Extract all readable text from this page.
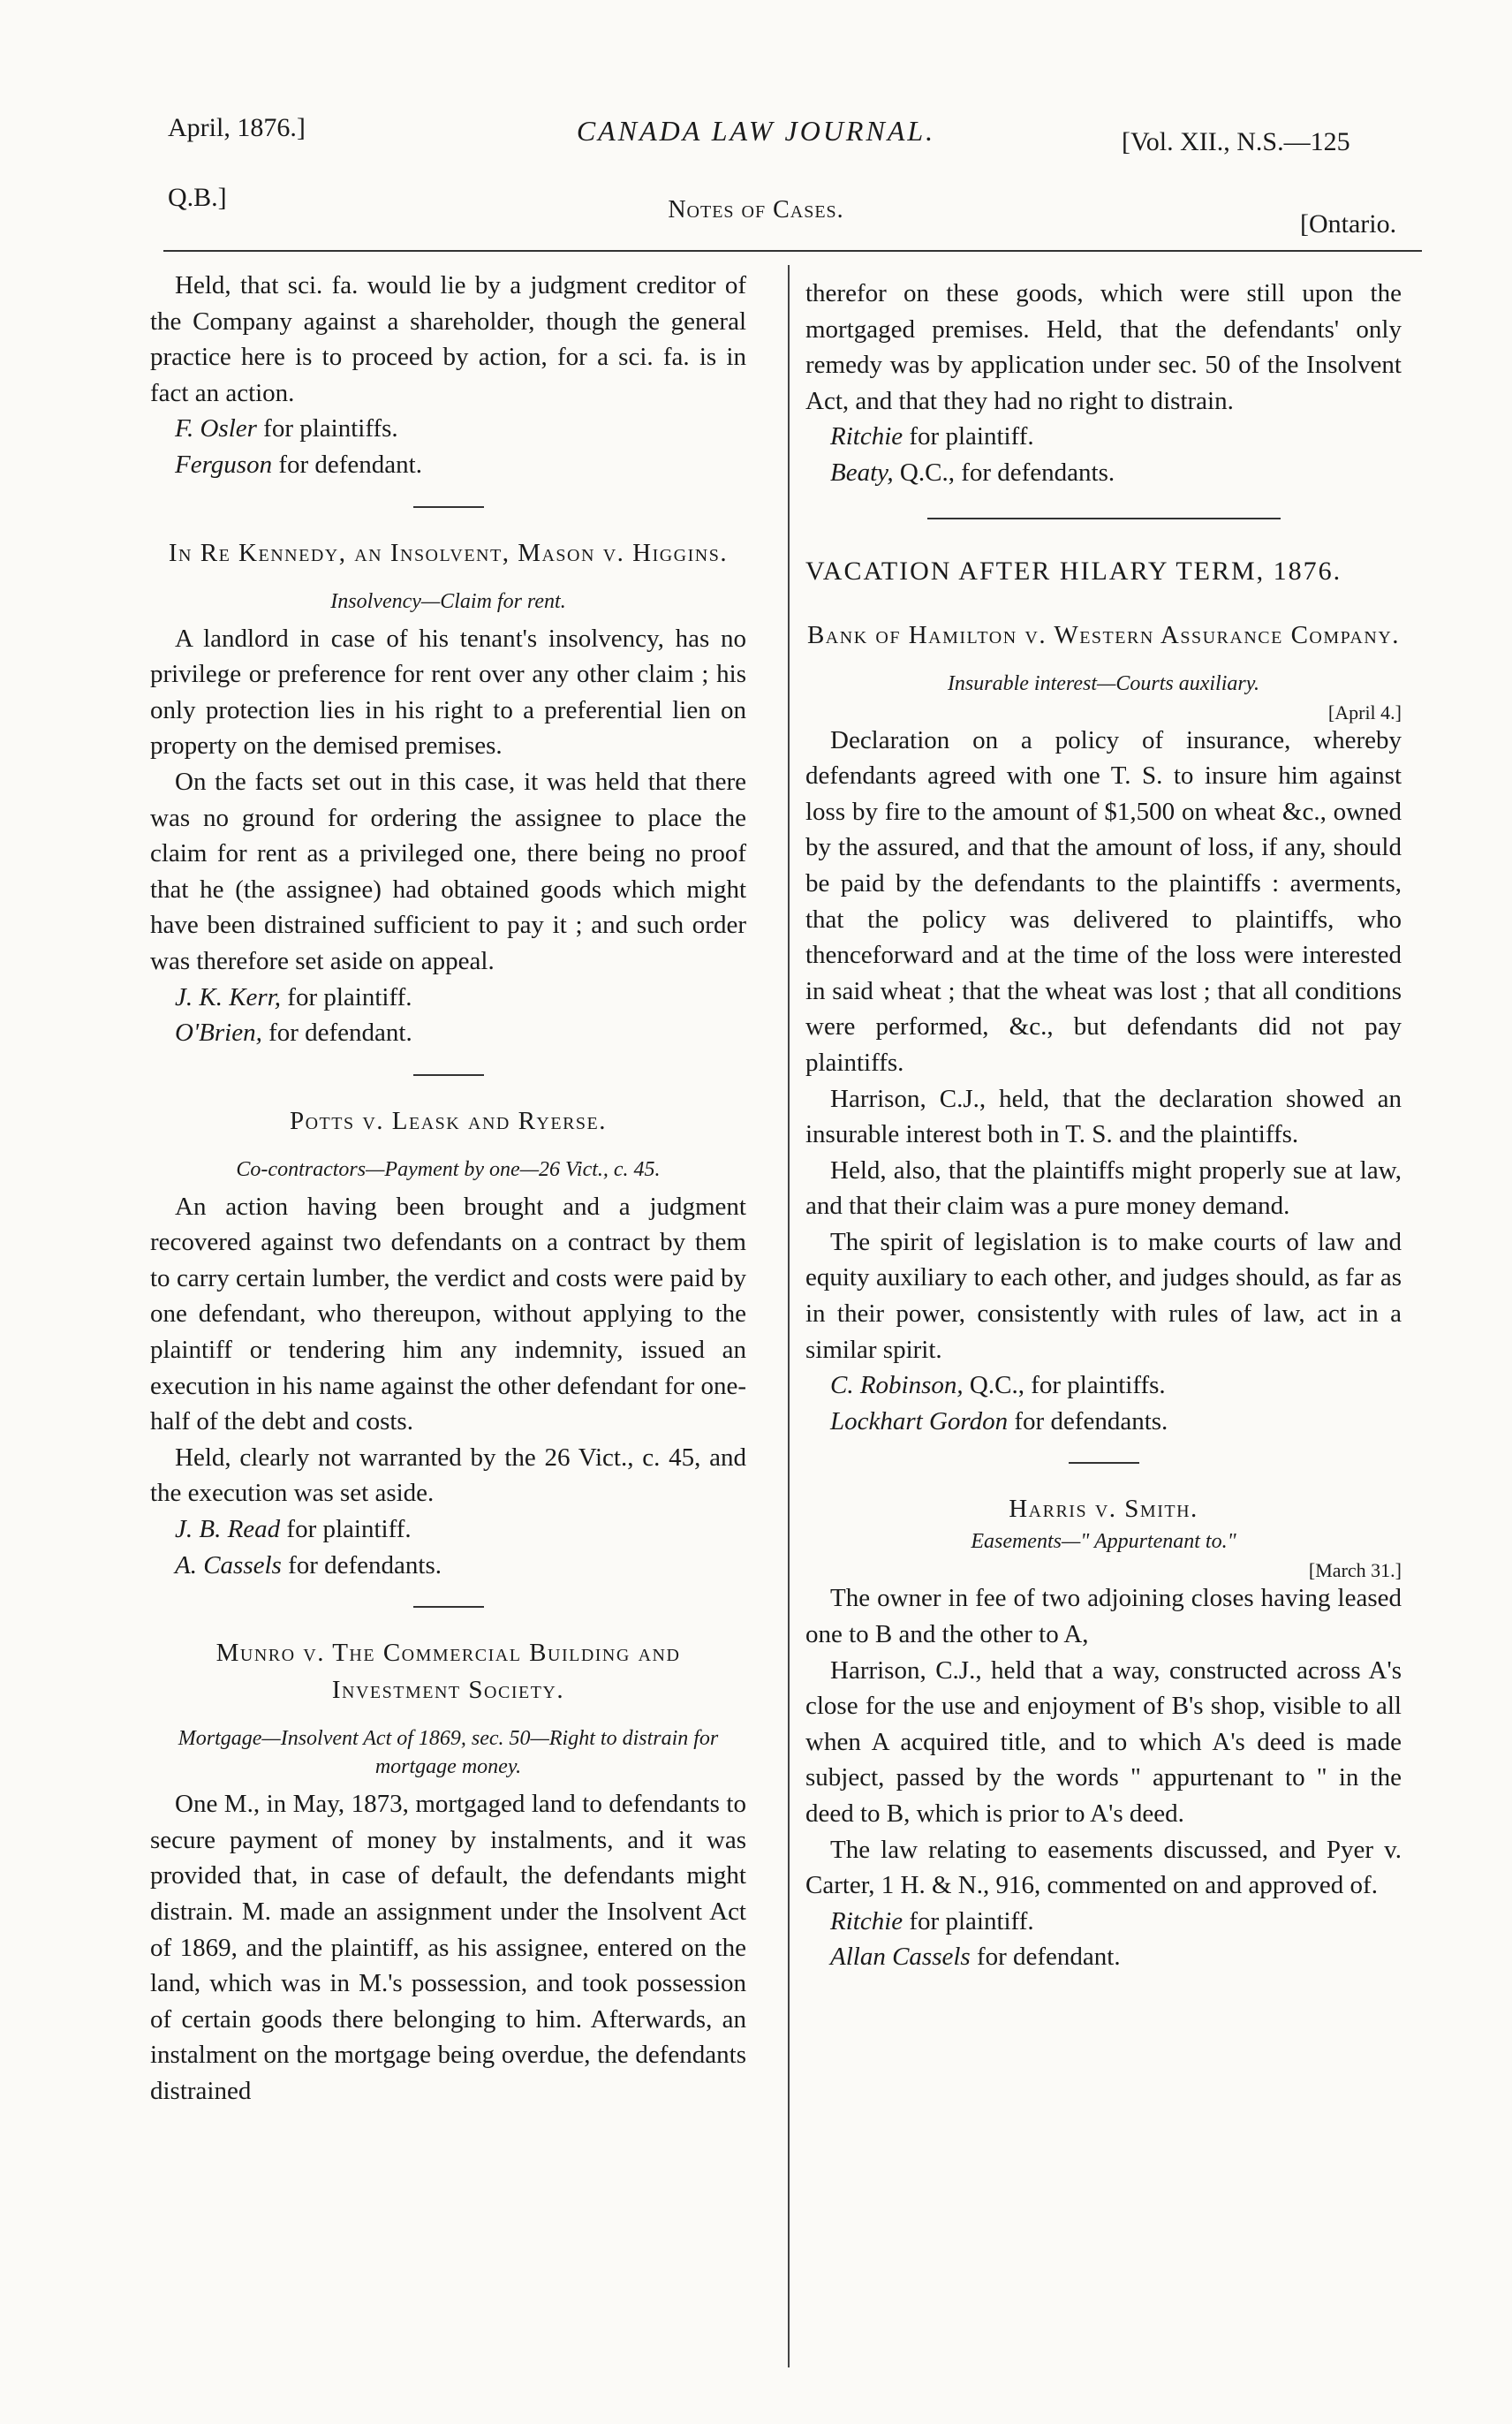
April, 1876.]	CANADA LAW JOURNAL.	[Vol. XII., N.S.—125
Q.B.]	Notes of Cases.	[Ontario.

Held, that sci. fa. would lie by a judgment creditor of the Company against a shareholder, though the general practice here is to proceed by action, for a sci. fa. is in fact an action.

F. Osler for plaintiffs.

Ferguson for defendant.

In Re Kennedy, an Insolvent, Mason v. Higgins.

Insolvency—Claim for rent.

A landlord in case of his tenant's insolvency, has no privilege or preference for rent over any other claim ; his only protection lies in his right to a preferential lien on property on the demised premises.

On the facts set out in this case, it was held that there was no ground for ordering the assignee to place the claim for rent as a privileged one, there being no proof that he (the assignee) had obtained goods which might have been distrained sufficient to pay it ; and such order was therefore set aside on appeal.

J. K. Kerr, for plaintiff.

O'Brien, for defendant.

Potts v. Leask and Ryerse.

Co-contractors—Payment by one—26 Vict., c. 45.

An action having been brought and a judgment recovered against two defendants on a contract by them to carry certain lumber, the verdict and costs were paid by one defendant, who thereupon, without applying to the plaintiff or tendering him any indemnity, issued an execution in his name against the other defendant for one-half of the debt and costs.

Held, clearly not warranted by the 26 Vict., c. 45, and the execution was set aside.

J. B. Read for plaintiff.

A. Cassels for defendants.

Munro v. The Commercial Building and Investment Society.

Mortgage—Insolvent Act of 1869, sec. 50—Right to distrain for mortgage money.

One M., in May, 1873, mortgaged land to defendants to secure payment of money by instalments, and it was provided that, in case of default, the defendants might distrain. M. made an assignment under the Insolvent Act of 1869, and the plaintiff, as his assignee, entered on the land, which was in M.'s possession, and took possession of certain goods there belonging to him. Afterwards, an instalment on the mortgage being overdue, the defendants distrained

therefor on these goods, which were still upon the mortgaged premises. Held, that the defendants' only remedy was by application under sec. 50 of the Insolvent Act, and that they had no right to distrain.

Ritchie for plaintiff.

Beaty, Q.C., for defendants.

VACATION AFTER HILARY TERM, 1876.

Bank of Hamilton v. Western Assurance Company.

Insurable interest—Courts auxiliary.

[April 4.]

Declaration on a policy of insurance, whereby defendants agreed with one T. S. to insure him against loss by fire to the amount of $1,500 on wheat &c., owned by the assured, and that the amount of loss, if any, should be paid by the defendants to the plaintiffs : averments, that the policy was delivered to plaintiffs, who thenceforward and at the time of the loss were interested in said wheat ; that the wheat was lost ; that all conditions were performed, &c., but defendants did not pay plaintiffs.

Harrison, C.J., held, that the declaration showed an insurable interest both in T. S. and the plaintiffs.

Held, also, that the plaintiffs might properly sue at law, and that their claim was a pure money demand.

The spirit of legislation is to make courts of law and equity auxiliary to each other, and judges should, as far as in their power, consistently with rules of law, act in a similar spirit.

C. Robinson, Q.C., for plaintiffs.

Lockhart Gordon for defendants.

Harris v. Smith.

Easements—" Appurtenant to."

[March 31.]

The owner in fee of two adjoining closes having leased one to B and the other to A,

Harrison, C.J., held that a way, constructed across A's close for the use and enjoyment of B's shop, visible to all when A acquired title, and to which A's deed is made subject, passed by the words " appurtenant to " in the deed to B, which is prior to A's deed.

The law relating to easements discussed, and Pyer v. Carter, 1 H. & N., 916, commented on and approved of.

Ritchie for plaintiff.

Allan Cassels for defendant.
